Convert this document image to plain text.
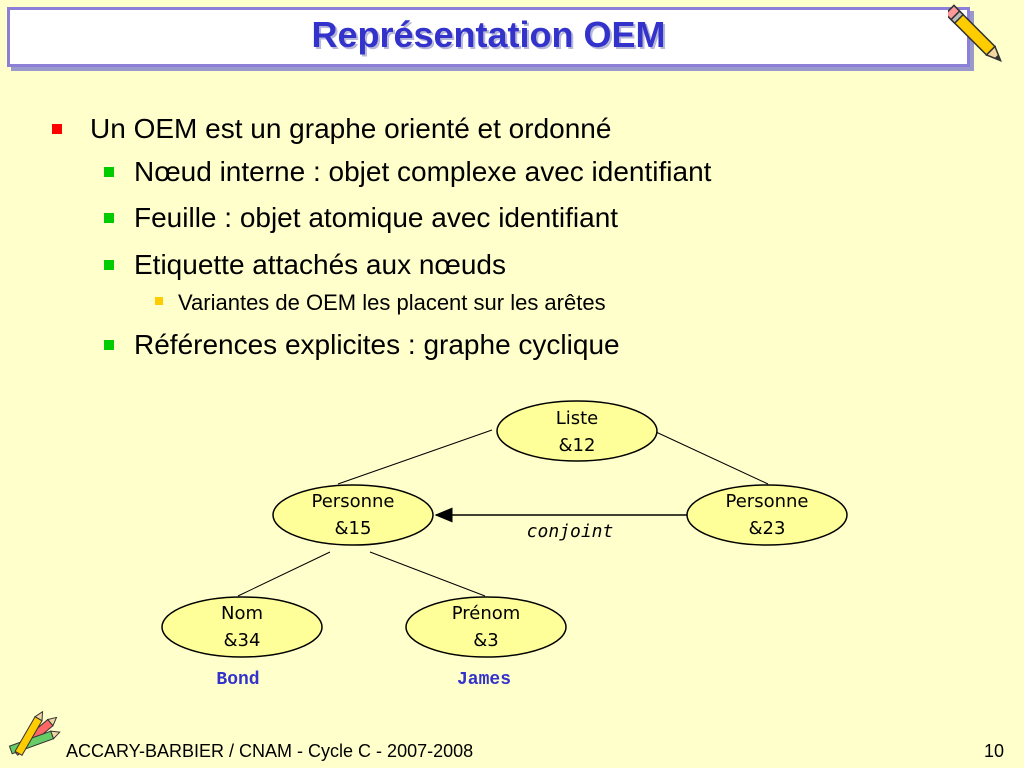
Représentation OEM
Un OEM est un graphe orienté et ordonné
Nœud interne : objet complexe avec identifiant
Feuille : objet atomique avec identifiant
Etiquette attachés aux nœuds
Variantes de OEM les placent sur les arêtes
Références explicites : graphe cyclique
Liste
&12
Personne
&15
Personne
&23
Nom
&34
Prénom
&3
conjoint
Bond	James
ACCARY-BARBIER / CNAM - Cycle C - 2007-2008	10
